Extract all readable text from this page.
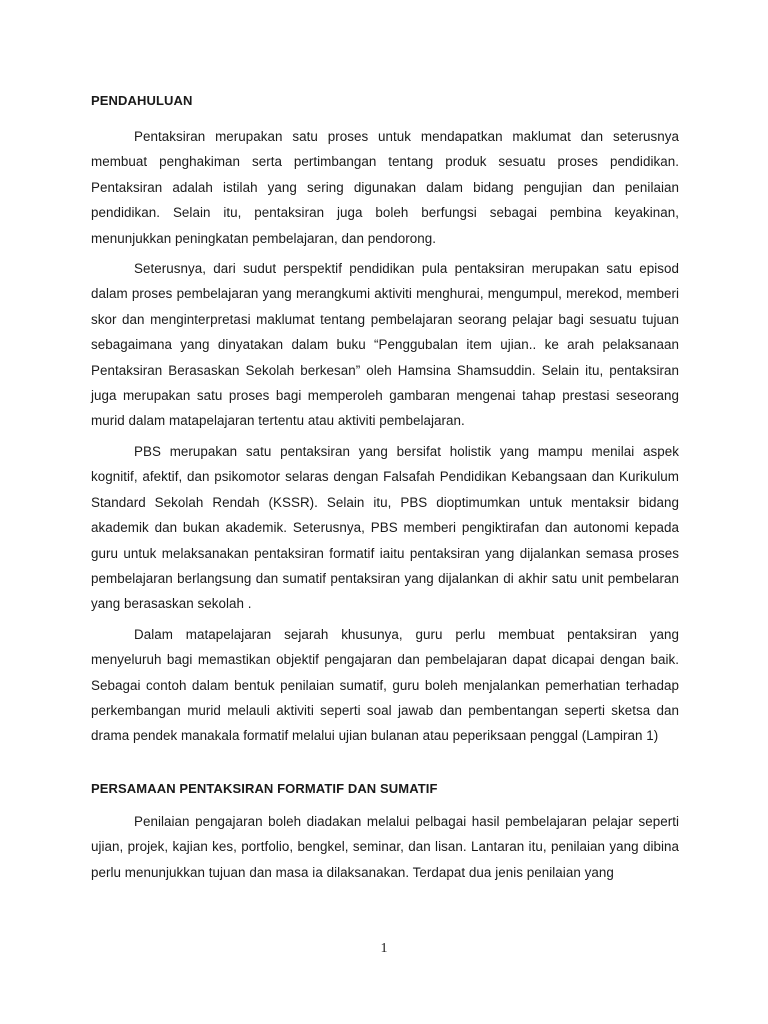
PENDAHULUAN

Pentaksiran merupakan satu proses untuk mendapatkan maklumat dan seterusnya membuat penghakiman serta pertimbangan tentang produk sesuatu proses pendidikan. Pentaksiran adalah istilah yang sering digunakan dalam bidang pengujian dan penilaian pendidikan. Selain itu, pentaksiran juga boleh berfungsi sebagai pembina keyakinan, menunjukkan peningkatan pembelajaran, dan pendorong.

Seterusnya, dari sudut perspektif pendidikan pula pentaksiran merupakan satu episod dalam proses pembelajaran yang merangkumi aktiviti menghurai, mengumpul, merekod, memberi skor dan menginterpretasi maklumat tentang pembelajaran seorang pelajar bagi sesuatu tujuan sebagaimana yang dinyatakan dalam buku “Penggubalan item ujian.. ke arah pelaksanaan Pentaksiran Berasaskan Sekolah berkesan” oleh Hamsina Shamsuddin. Selain itu, pentaksiran juga merupakan satu proses bagi memperoleh gambaran mengenai tahap prestasi seseorang murid dalam matapelajaran tertentu atau aktiviti pembelajaran.

PBS merupakan satu pentaksiran yang bersifat holistik yang mampu menilai aspek kognitif, afektif, dan psikomotor selaras dengan Falsafah Pendidikan Kebangsaan dan Kurikulum Standard Sekolah Rendah (KSSR). Selain itu, PBS dioptimumkan untuk mentaksir bidang akademik dan bukan akademik. Seterusnya, PBS memberi pengiktirafan dan autonomi kepada guru untuk melaksanakan pentaksiran formatif iaitu pentaksiran yang dijalankan semasa proses pembelajaran berlangsung dan sumatif pentaksiran yang dijalankan di akhir satu unit pembelaran yang berasaskan sekolah .

Dalam matapelajaran sejarah khusunya, guru perlu membuat pentaksiran yang menyeluruh bagi memastikan objektif pengajaran dan pembelajaran dapat dicapai dengan baik. Sebagai contoh dalam bentuk penilaian sumatif, guru boleh menjalankan pemerhatian terhadap perkembangan murid melauli aktiviti seperti soal jawab dan pembentangan seperti sketsa dan drama pendek manakala formatif melalui ujian bulanan atau peperiksaan penggal (Lampiran 1)

PERSAMAAN PENTAKSIRAN FORMATIF DAN SUMATIF

Penilaian pengajaran boleh diadakan melalui pelbagai hasil pembelajaran pelajar seperti ujian, projek, kajian kes, portfolio, bengkel, seminar, dan lisan. Lantaran itu, penilaian yang dibina perlu menunjukkan tujuan dan masa ia dilaksanakan. Terdapat dua jenis penilaian yang

1
